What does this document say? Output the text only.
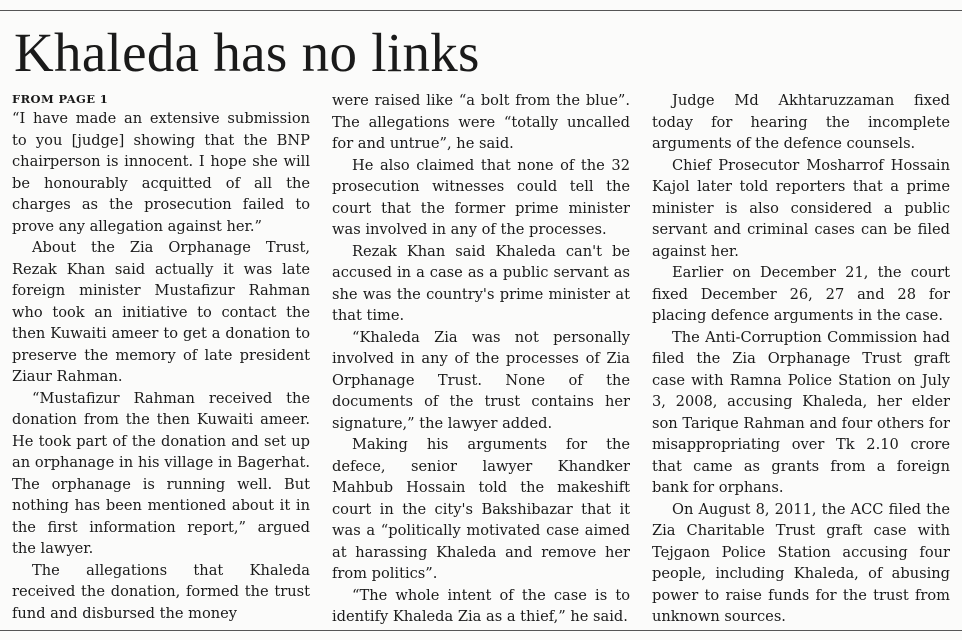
Khaleda has no links
FROM PAGE 1

“I have made an extensive submission to you [judge] showing that the BNP chairperson is innocent. I hope she will be honourably acquitted of all the charges as the prosecution failed to prove any allegation against her.”

About the Zia Orphanage Trust, Rezak Khan said actually it was late foreign minister Mustafizur Rahman who took an initiative to contact the then Kuwaiti ameer to get a donation to preserve the memory of late president Ziaur Rahman.

“Mustafizur Rahman received the donation from the then Kuwaiti ameer. He took part of the donation and set up an orphanage in his village in Bagerhat. The orphanage is running well. But nothing has been mentioned about it in the first information report,” argued the lawyer.

The allegations that Khaleda received the donation, formed the trust fund and disbursed the money

were raised like “a bolt from the blue”. The allegations were “totally uncalled for and untrue”, he said.

He also claimed that none of the 32 prosecution witnesses could tell the court that the former prime minister was involved in any of the processes.

Rezak Khan said Khaleda can't be accused in a case as a public servant as she was the country's prime minister at that time.

“Khaleda Zia was not personally involved in any of the processes of Zia Orphanage Trust. None of the documents of the trust contains her signature,” the lawyer added.

Making his arguments for the defece, senior lawyer Khandker Mahbub Hossain told the makeshift court in the city's Bakshibazar that it was a “politically motivated case aimed at harassing Khaleda and remove her from politics”.

“The whole intent of the case is to identify Khaleda Zia as a thief,” he said.

Judge Md Akhtaruzzaman fixed today for hearing the incomplete arguments of the defence counsels.

Chief Prosecutor Mosharrof Hossain Kajol later told reporters that a prime minister is also considered a public servant and criminal cases can be filed against her.

Earlier on December 21, the court fixed December 26, 27 and 28 for placing defence arguments in the case.

The Anti-Corruption Commission had filed the Zia Orphanage Trust graft case with Ramna Police Station on July 3, 2008, accusing Khaleda, her elder son Tarique Rahman and four others for misappropriating over Tk 2.10 crore that came as grants from a foreign bank for orphans.

On August 8, 2011, the ACC filed the Zia Charitable Trust graft case with Tejgaon Police Station accusing four people, including Khaleda, of abusing power to raise funds for the trust from unknown sources.
